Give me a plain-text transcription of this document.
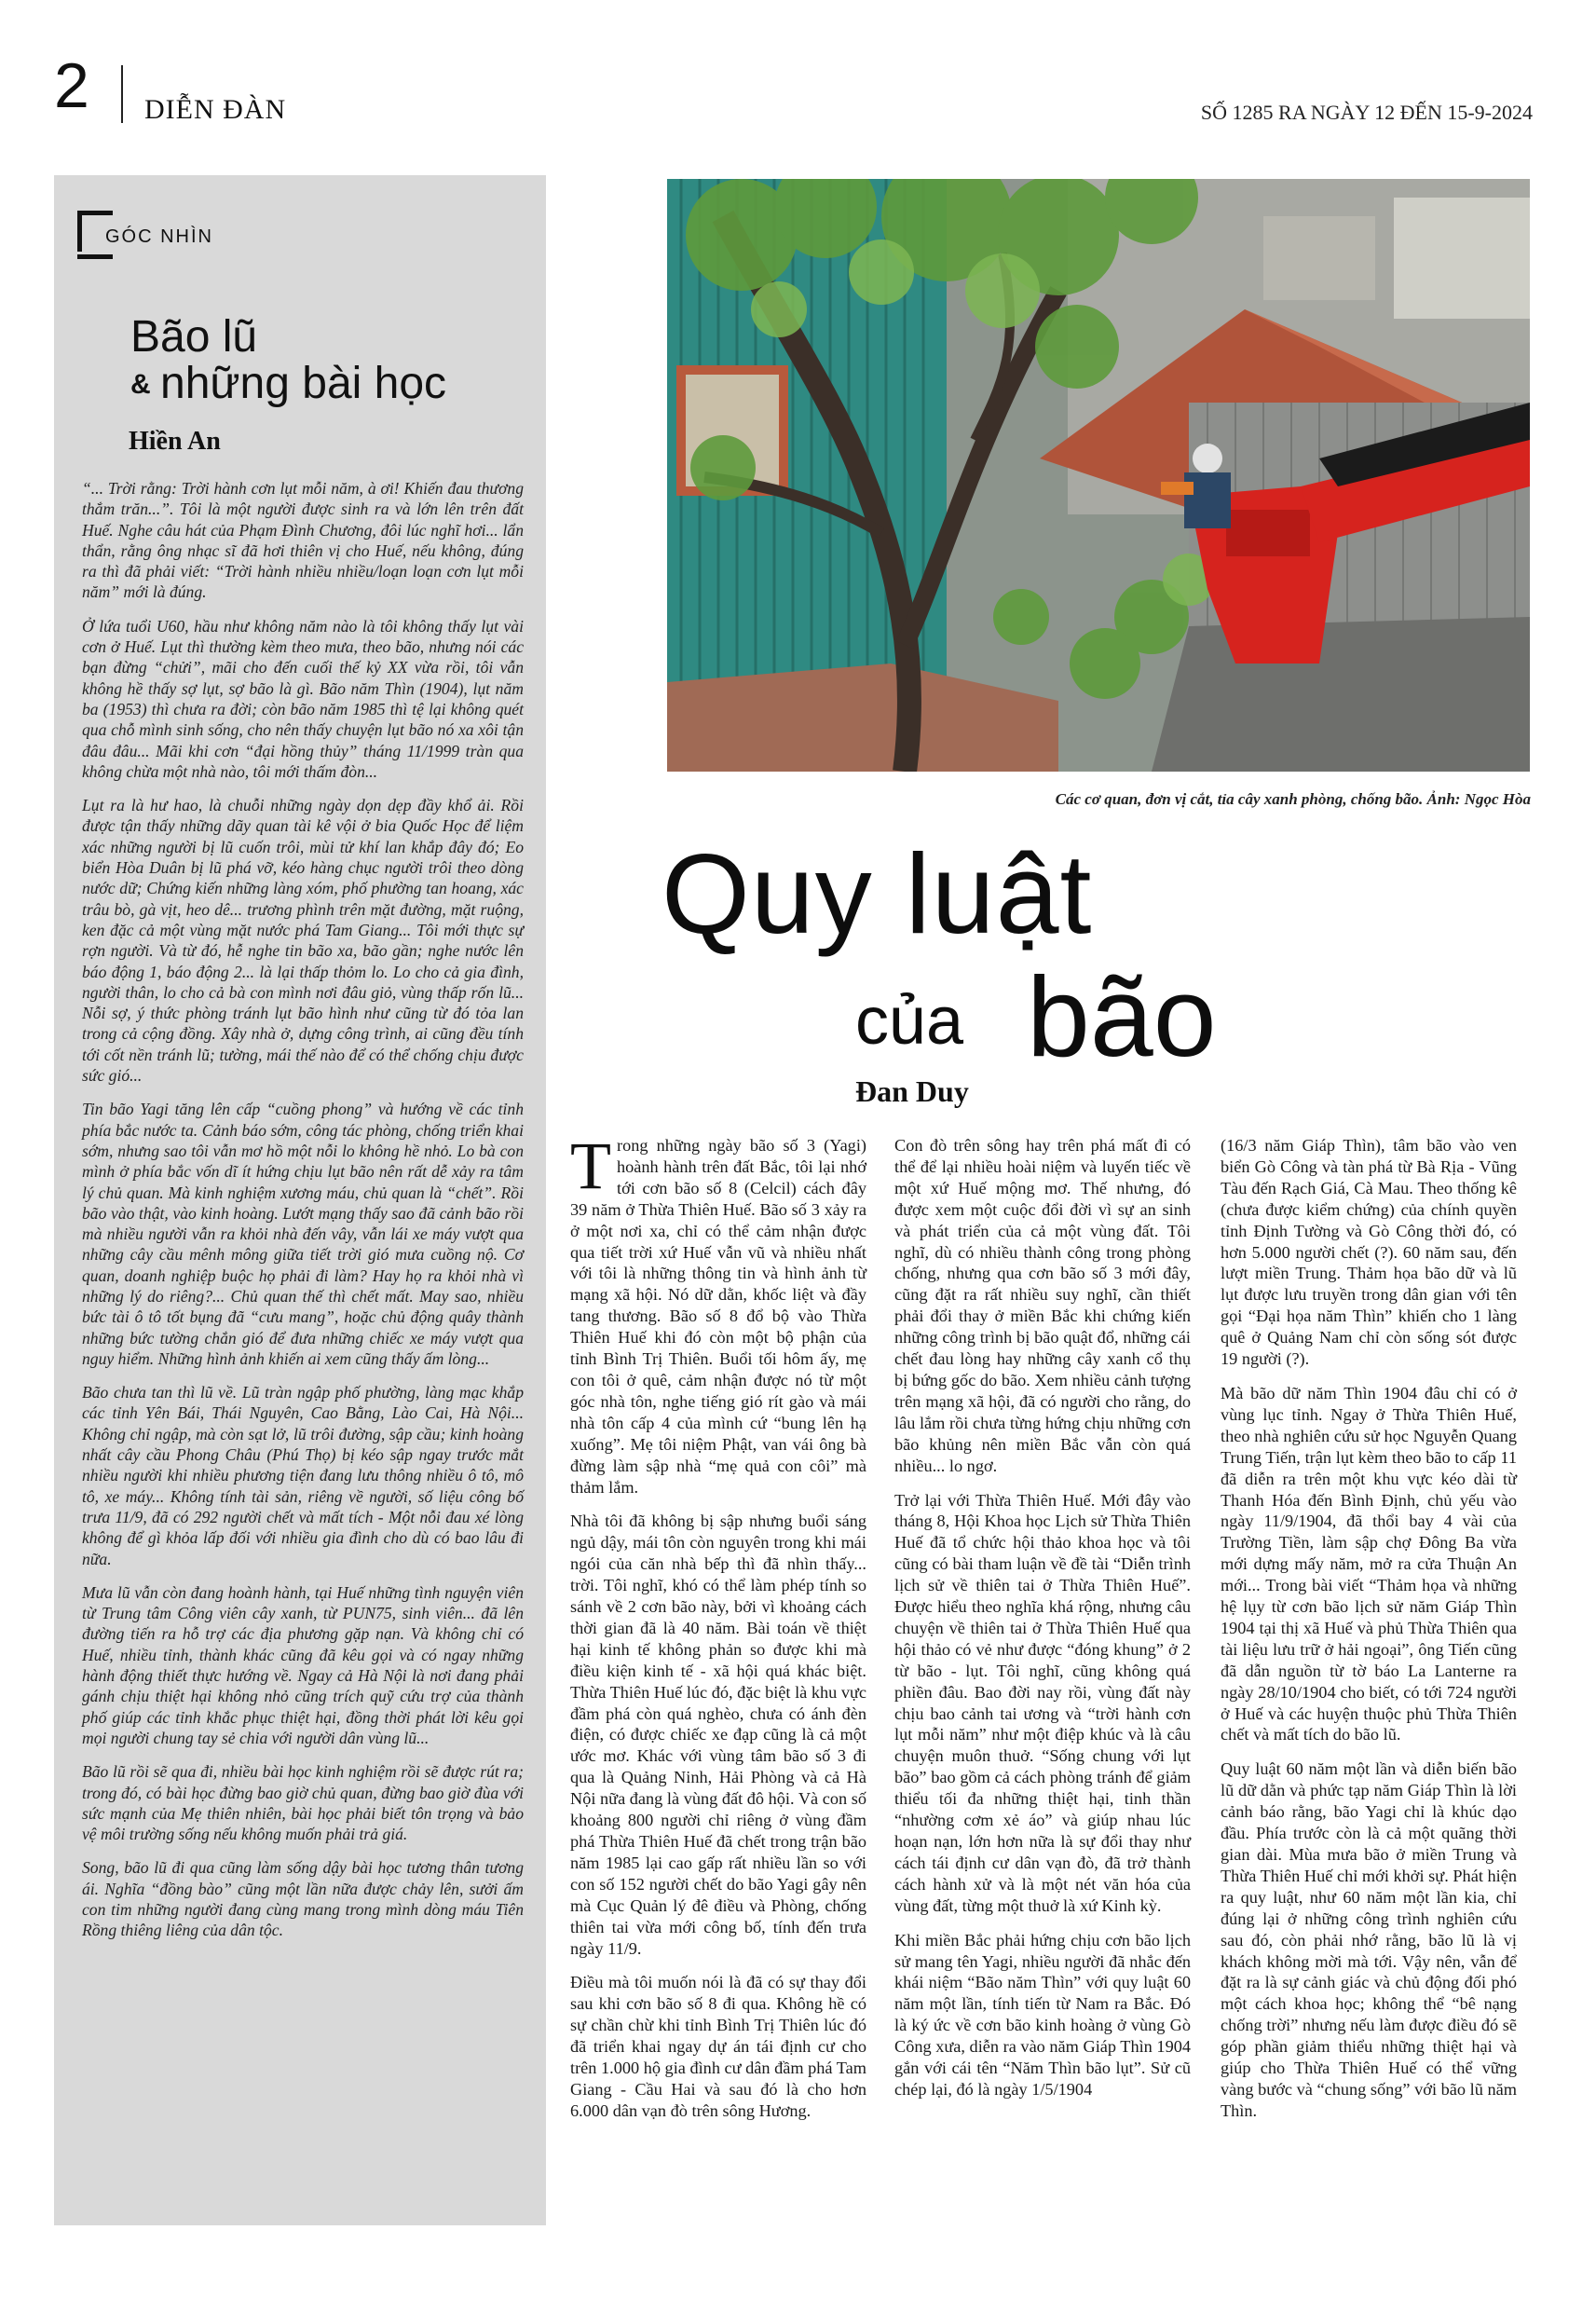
2 DIỄN ĐÀN	SỐ 1285 RA NGÀY 12 ĐẾN 15-9-2024
GÓC NHÌN
Bão lũ
& những bài học
Hiền An

“... Trời rằng: Trời hành cơn lụt mỗi năm, à ơi! Khiến đau thương thắm trăn...”. Tôi là một người được sinh ra và lớn lên trên đất Huế. Nghe câu hát của Phạm Đình Chương, đôi lúc nghĩ hơi... lẩn thẩn, rằng ông nhạc sĩ đã hơi thiên vị cho Huế, nếu không, đúng ra thì đã phải viết: “Trời hành nhiều nhiều/loạn loạn cơn lụt mỗi năm” mới là đúng.

Ở lứa tuổi U60, hầu như không năm nào là tôi không thấy lụt vài cơn ở Huế. Lụt thì thường kèm theo mưa, theo bão, nhưng nói các bạn đừng “chửi”, mãi cho đến cuối thế kỷ XX vừa rồi, tôi vẫn không hề thấy sợ lụt, sợ bão là gì. Bão năm Thìn (1904), lụt năm ba (1953) thì chưa ra đời; còn bão năm 1985 thì tệ lại không quét qua chỗ mình sinh sống, cho nên thấy chuyện lụt bão nó xa xôi tận đâu đâu... Mãi khi cơn “đại hồng thủy” tháng 11/1999 tràn qua không chừa một nhà nào, tôi mới thấm đòn...

Lụt ra là hư hao, là chuỗi những ngày dọn dẹp đầy khổ ải. Rồi được tận thấy những dãy quan tài kê vội ở bia Quốc Học để liệm xác những người bị lũ cuốn trôi, mùi tử khí lan khắp đây đó; Eo biển Hòa Duân bị lũ phá vỡ, kéo hàng chục người trôi theo dòng nước dữ; Chứng kiến những làng xóm, phố phường tan hoang, xác trâu bò, gà vịt, heo dê... trương phình trên mặt đường, mặt ruộng, ken đặc cả một vùng mặt nước phá Tam Giang... Tôi mới thực sự rợn người. Và từ đó, hễ nghe tin bão xa, bão gần; nghe nước lên báo động 1, báo động 2... là lại thấp thỏm lo. Lo cho cả gia đình, người thân, lo cho cả bà con mình nơi đâu giỏ, vùng thấp rốn lũ... Nỗi sợ, ý thức phòng tránh lụt bão hình như cũng từ đó tỏa lan trong cả cộng đồng. Xây nhà ở, dựng công trình, ai cũng đều tính tới cốt nền tránh lũ; tường, mái thế nào để có thể chống chịu được sức gió...

Tin bão Yagi tăng lên cấp “cuồng phong” và hướng về các tỉnh phía bắc nước ta. Cảnh báo sớm, công tác phòng, chống triển khai sớm, nhưng sao tôi vẫn mơ hồ một nỗi lo không hề nhỏ. Lo bà con mình ở phía bắc vốn dĩ ít hứng chịu lụt bão nên rất dễ xảy ra tâm lý chủ quan. Mà kinh nghiệm xương máu, chủ quan là “chết”. Rồi bão vào thật, vào kinh hoàng. Lướt mạng thấy sao đã cảnh bão rồi mà nhiều người vẫn ra khỏi nhà đến vây, vẫn lái xe máy vượt qua những cây cầu mênh mông giữa tiết trời gió mưa cuồng nộ. Cơ quan, doanh nghiệp buộc họ phải đi làm? Hay họ ra khỏi nhà vì những lý do riêng?... Chủ quan thế thì chết mất. May sao, nhiều bức tài ô tô tốt bụng đã “cưu mang”, hoặc chủ động quây thành những bức tường chắn gió để đưa những chiếc xe máy vượt qua nguy hiểm. Những hình ảnh khiến ai xem cũng thấy ấm lòng...

Bão chưa tan thì lũ về. Lũ tràn ngập phố phường, làng mạc khắp các tỉnh Yên Bái, Thái Nguyên, Cao Bằng, Lào Cai, Hà Nội... Không chỉ ngập, mà còn sạt lở, lũ trôi đường, sập cầu; kinh hoàng nhất cây cầu Phong Châu (Phú Thọ) bị kéo sập ngay trước mắt nhiều người khi nhiều phương tiện đang lưu thông nhiều ô tô, mô tô, xe máy... Không tính tài sản, riêng về người, số liệu công bố trưa 11/9, đã có 292 người chết và mất tích - Một nỗi đau xé lòng không để gì khỏa lấp đối với nhiều gia đình cho dù có bao lâu đi nữa.

Mưa lũ vẫn còn đang hoành hành, tại Huế những tình nguyện viên từ Trung tâm Công viên cây xanh, từ PUN75, sinh viên... đã lên đường tiến ra hỗ trợ các địa phương gặp nạn. Và không chỉ có Huế, nhiều tỉnh, thành khác cũng đã kêu gọi và có ngay những hành động thiết thực hướng về. Ngay cả Hà Nội là nơi đang phải gánh chịu thiệt hại không nhỏ cũng trích quỹ cứu trợ của thành phố giúp các tỉnh khắc phục thiệt hại, đồng thời phát lời kêu gọi mọi người chung tay sẻ chia với người dân vùng lũ...

Bão lũ rồi sẽ qua đi, nhiều bài học kinh nghiệm rồi sẽ được rút ra; trong đó, có bài học đừng bao giờ chủ quan, đừng bao giờ đùa với sức mạnh của Mẹ thiên nhiên, bài học phải biết tôn trọng và bảo vệ môi trường sống nếu không muốn phải trả giá.

Song, bão lũ đi qua cũng làm sống dậy bài học tương thân tương ái. Nghĩa “đồng bào” cũng một lần nữa được chảy lên, sưởi ấm con tim những người đang cùng mang trong mình dòng máu Tiên Rồng thiêng liêng của dân tộc.

Các cơ quan, đơn vị cắt, tỉa cây xanh phòng, chống bão. Ảnh: Ngọc Hòa
Quy luật
của bão
Đan Duy

Trong những ngày bão số 3 (Yagi) hoành hành trên đất Bắc, tôi lại nhớ tới cơn bão số 8 (Celcil) cách đây 39 năm ở Thừa Thiên Huế. Bão số 3 xảy ra ở một nơi xa, chỉ có thể cảm nhận được qua tiết trời xứ Huế vẫn vũ và nhiều nhất với tôi là những thông tin và hình ảnh từ mạng xã hội. Nó dữ dằn, khốc liệt và đầy tang thương. Bão số 8 đổ bộ vào Thừa Thiên Huế khi đó còn một bộ phận của tỉnh Bình Trị Thiên. Buổi tối hôm ấy, mẹ con tôi ở quê, cảm nhận được nó từ một góc nhà tôn, nghe tiếng gió rít gào và mái nhà tôn cấp 4 của mình cứ “bung lên hạ xuống”. Mẹ tôi niệm Phật, van vái ông bà đừng làm sập nhà “mẹ quả con côi” mà thảm lắm.

Nhà tôi đã không bị sập nhưng buổi sáng ngủ dậy, mái tôn còn nguyên trong khi mái ngói của căn nhà bếp thì đã nhìn thấy... trời. Tôi nghĩ, khó có thể làm phép tính so sánh về 2 cơn bão này, bởi vì khoảng cách thời gian đã là 40 năm. Bài toán về thiệt hại kinh tế không phản so được khi mà điều kiện kinh tế - xã hội quá khác biệt. Thừa Thiên Huế lúc đó, đặc biệt là khu vực đầm phá còn quá nghèo, chưa có ánh đèn điện, có được chiếc xe đạp cũng là cả một ước mơ. Khác với vùng tâm bão số 3 đi qua là Quảng Ninh, Hải Phòng và cả Hà Nội nữa đang là vùng đất đô hội. Và con số khoảng 800 người chỉ riêng ở vùng đầm phá Thừa Thiên Huế đã chết trong trận bão năm 1985 lại cao gấp rất nhiều lần so với con số 152 người chết do bão Yagi gây nên mà Cục Quản lý đê điều và Phòng, chống thiên tai vừa mới công bố, tính đến trưa ngày 11/9.

Điều mà tôi muốn nói là đã có sự thay đổi sau khi cơn bão số 8 đi qua. Không hề có sự chần chừ khi tỉnh Bình Trị Thiên lúc đó đã triển khai ngay dự án tái định cư cho trên 1.000 hộ gia đình cư dân đầm phá Tam Giang - Cầu Hai và sau đó là cho hơn 6.000 dân vạn đò trên sông Hương.

Con đò trên sông hay trên phá mất đi có thể để lại nhiều hoài niệm và luyến tiếc về một xứ Huế mộng mơ. Thế nhưng, đó được xem một cuộc đổi đời vì sự an sinh và phát triển của cả một vùng đất. Tôi nghĩ, dù có nhiều thành công trong phòng chống, nhưng qua cơn bão số 3 mới đây, cũng đặt ra rất nhiều suy nghĩ, cần thiết phải đổi thay ở miền Bắc khi chứng kiến những công trình bị bão quật đổ, những cái chết đau lòng hay những cây xanh cổ thụ bị bứng gốc do bão. Xem nhiều cảnh tượng trên mạng xã hội, đã có người cho rằng, do lâu lắm rồi chưa từng hứng chịu những cơn bão khủng nên miền Bắc vẫn còn quá nhiều... lo ngơ.

Trở lại với Thừa Thiên Huế. Mới đây vào tháng 8, Hội Khoa học Lịch sử Thừa Thiên Huế đã tổ chức hội thảo khoa học và tôi cũng có bài tham luận về đề tài “Diễn trình lịch sử về thiên tai ở Thừa Thiên Huế”. Được hiểu theo nghĩa khá rộng, nhưng câu chuyện về thiên tai ở Thừa Thiên Huế qua hội thảo có vẻ như được “đóng khung” ở 2 từ bão - lụt. Tôi nghĩ, cũng không quá phiền đâu. Bao đời nay rồi, vùng đất này chịu bao cảnh tai ương và “trời hành cơn lụt mỗi năm” như một điệp khúc và là câu chuyện muôn thuở. “Sống chung với lụt bão” bao gồm cả cách phòng tránh để giảm thiểu tối đa những thiệt hại, tinh thần “nhường cơm xẻ áo” và giúp nhau lúc hoạn nạn, lớn hơn nữa là sự đổi thay như cách tái định cư dân vạn đò, đã trở thành cách hành xử và là một nét văn hóa của vùng đất, từng một thuở là xứ Kinh kỳ.

Khi miền Bắc phải hứng chịu cơn bão lịch sử mang tên Yagi, nhiều người đã nhắc đến khái niệm “Bão năm Thìn” với quy luật 60 năm một lần, tính tiến từ Nam ra Bắc. Đó là ký ức về cơn bão kinh hoàng ở vùng Gò Công xưa, diễn ra vào năm Giáp Thìn 1904 gắn với cái tên “Năm Thìn bão lụt”. Sử cũ chép lại, đó là ngày 1/5/1904

(16/3 năm Giáp Thìn), tâm bão vào ven biển Gò Công và tàn phá từ Bà Rịa - Vũng Tàu đến Rạch Giá, Cà Mau. Theo thống kê (chưa được kiểm chứng) của chính quyền tỉnh Định Tường và Gò Công thời đó, có hơn 5.000 người chết (?). 60 năm sau, đến lượt miền Trung. Thảm họa bão dữ và lũ lụt được lưu truyền trong dân gian với tên gọi “Đại họa năm Thìn” khiến cho 1 làng quê ở Quảng Nam chỉ còn sống sót được 19 người (?).

Mà bão dữ năm Thìn 1904 đâu chỉ có ở vùng lục tỉnh. Ngay ở Thừa Thiên Huế, theo nhà nghiên cứu sử học Nguyễn Quang Trung Tiến, trận lụt kèm theo bão to cấp 11 đã diễn ra trên một khu vực kéo dài từ Thanh Hóa đến Bình Định, chủ yếu vào ngày 11/9/1904, đã thổi bay 4 vài của Trường Tiền, làm sập chợ Đông Ba vừa mới dựng mấy năm, mở ra cửa Thuận An mới... Trong bài viết “Thảm họa và những hệ lụy từ cơn bão lịch sử năm Giáp Thìn 1904 tại thị xã Huế và phủ Thừa Thiên qua tài liệu lưu trữ ở hải ngoại”, ông Tiến cũng đã dẫn nguồn từ tờ báo La Lanterne ra ngày 28/10/1904 cho biết, có tới 724 người ở Huế và các huyện thuộc phủ Thừa Thiên chết và mất tích do bão lũ.

Quy luật 60 năm một lần và diễn biến bão lũ dữ dằn và phức tạp năm Giáp Thìn là lời cảnh báo rằng, bão Yagi chỉ là khúc dạo đầu. Phía trước còn là cả một quãng thời gian dài. Mùa mưa bão ở miền Trung và Thừa Thiên Huế chỉ mới khởi sự. Phát hiện ra quy luật, như 60 năm một lần kia, chỉ đúng lại ở những công trình nghiên cứu sau đó, còn phải nhớ rằng, bão lũ là vị khách không mời mà tới. Vậy nên, vẫn để đặt ra là sự cảnh giác và chủ động đối phó một cách khoa học; không thể “bê nạng chống trời” nhưng nếu làm được điều đó sẽ góp phần giảm thiểu những thiệt hại và giúp cho Thừa Thiên Huế có thể vững vàng bước và “chung sống” với bão lũ năm Thìn.
